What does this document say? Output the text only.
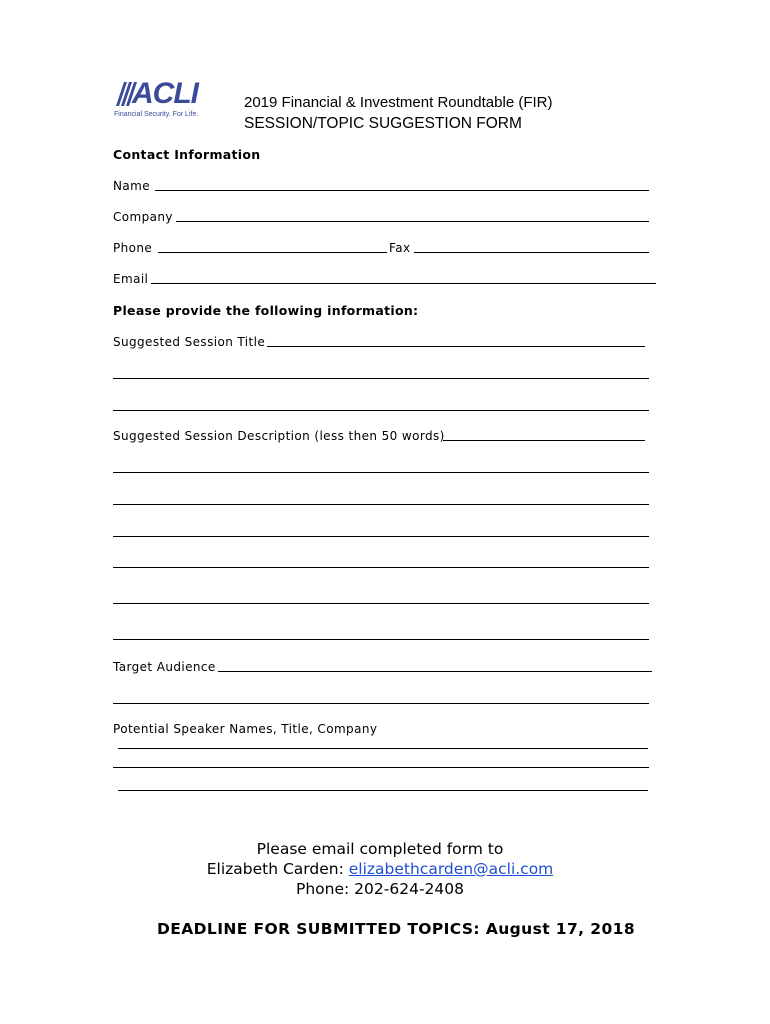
ACLI
Financial Security. For Life.
2019 Financial & Investment Roundtable (FIR)
SESSION/TOPIC SUGGESTION FORM
Contact Information
Name
Company
Phone	Fax
Email
Please provide the following information:
Suggested Session Title
Suggested Session Description (less then 50 words)
Target Audience
Potential Speaker Names, Title, Company
Please email completed form to
Elizabeth Carden: elizabethcarden@acli.com
Phone: 202-624-2408
DEADLINE FOR SUBMITTED TOPICS: August 17, 2018
